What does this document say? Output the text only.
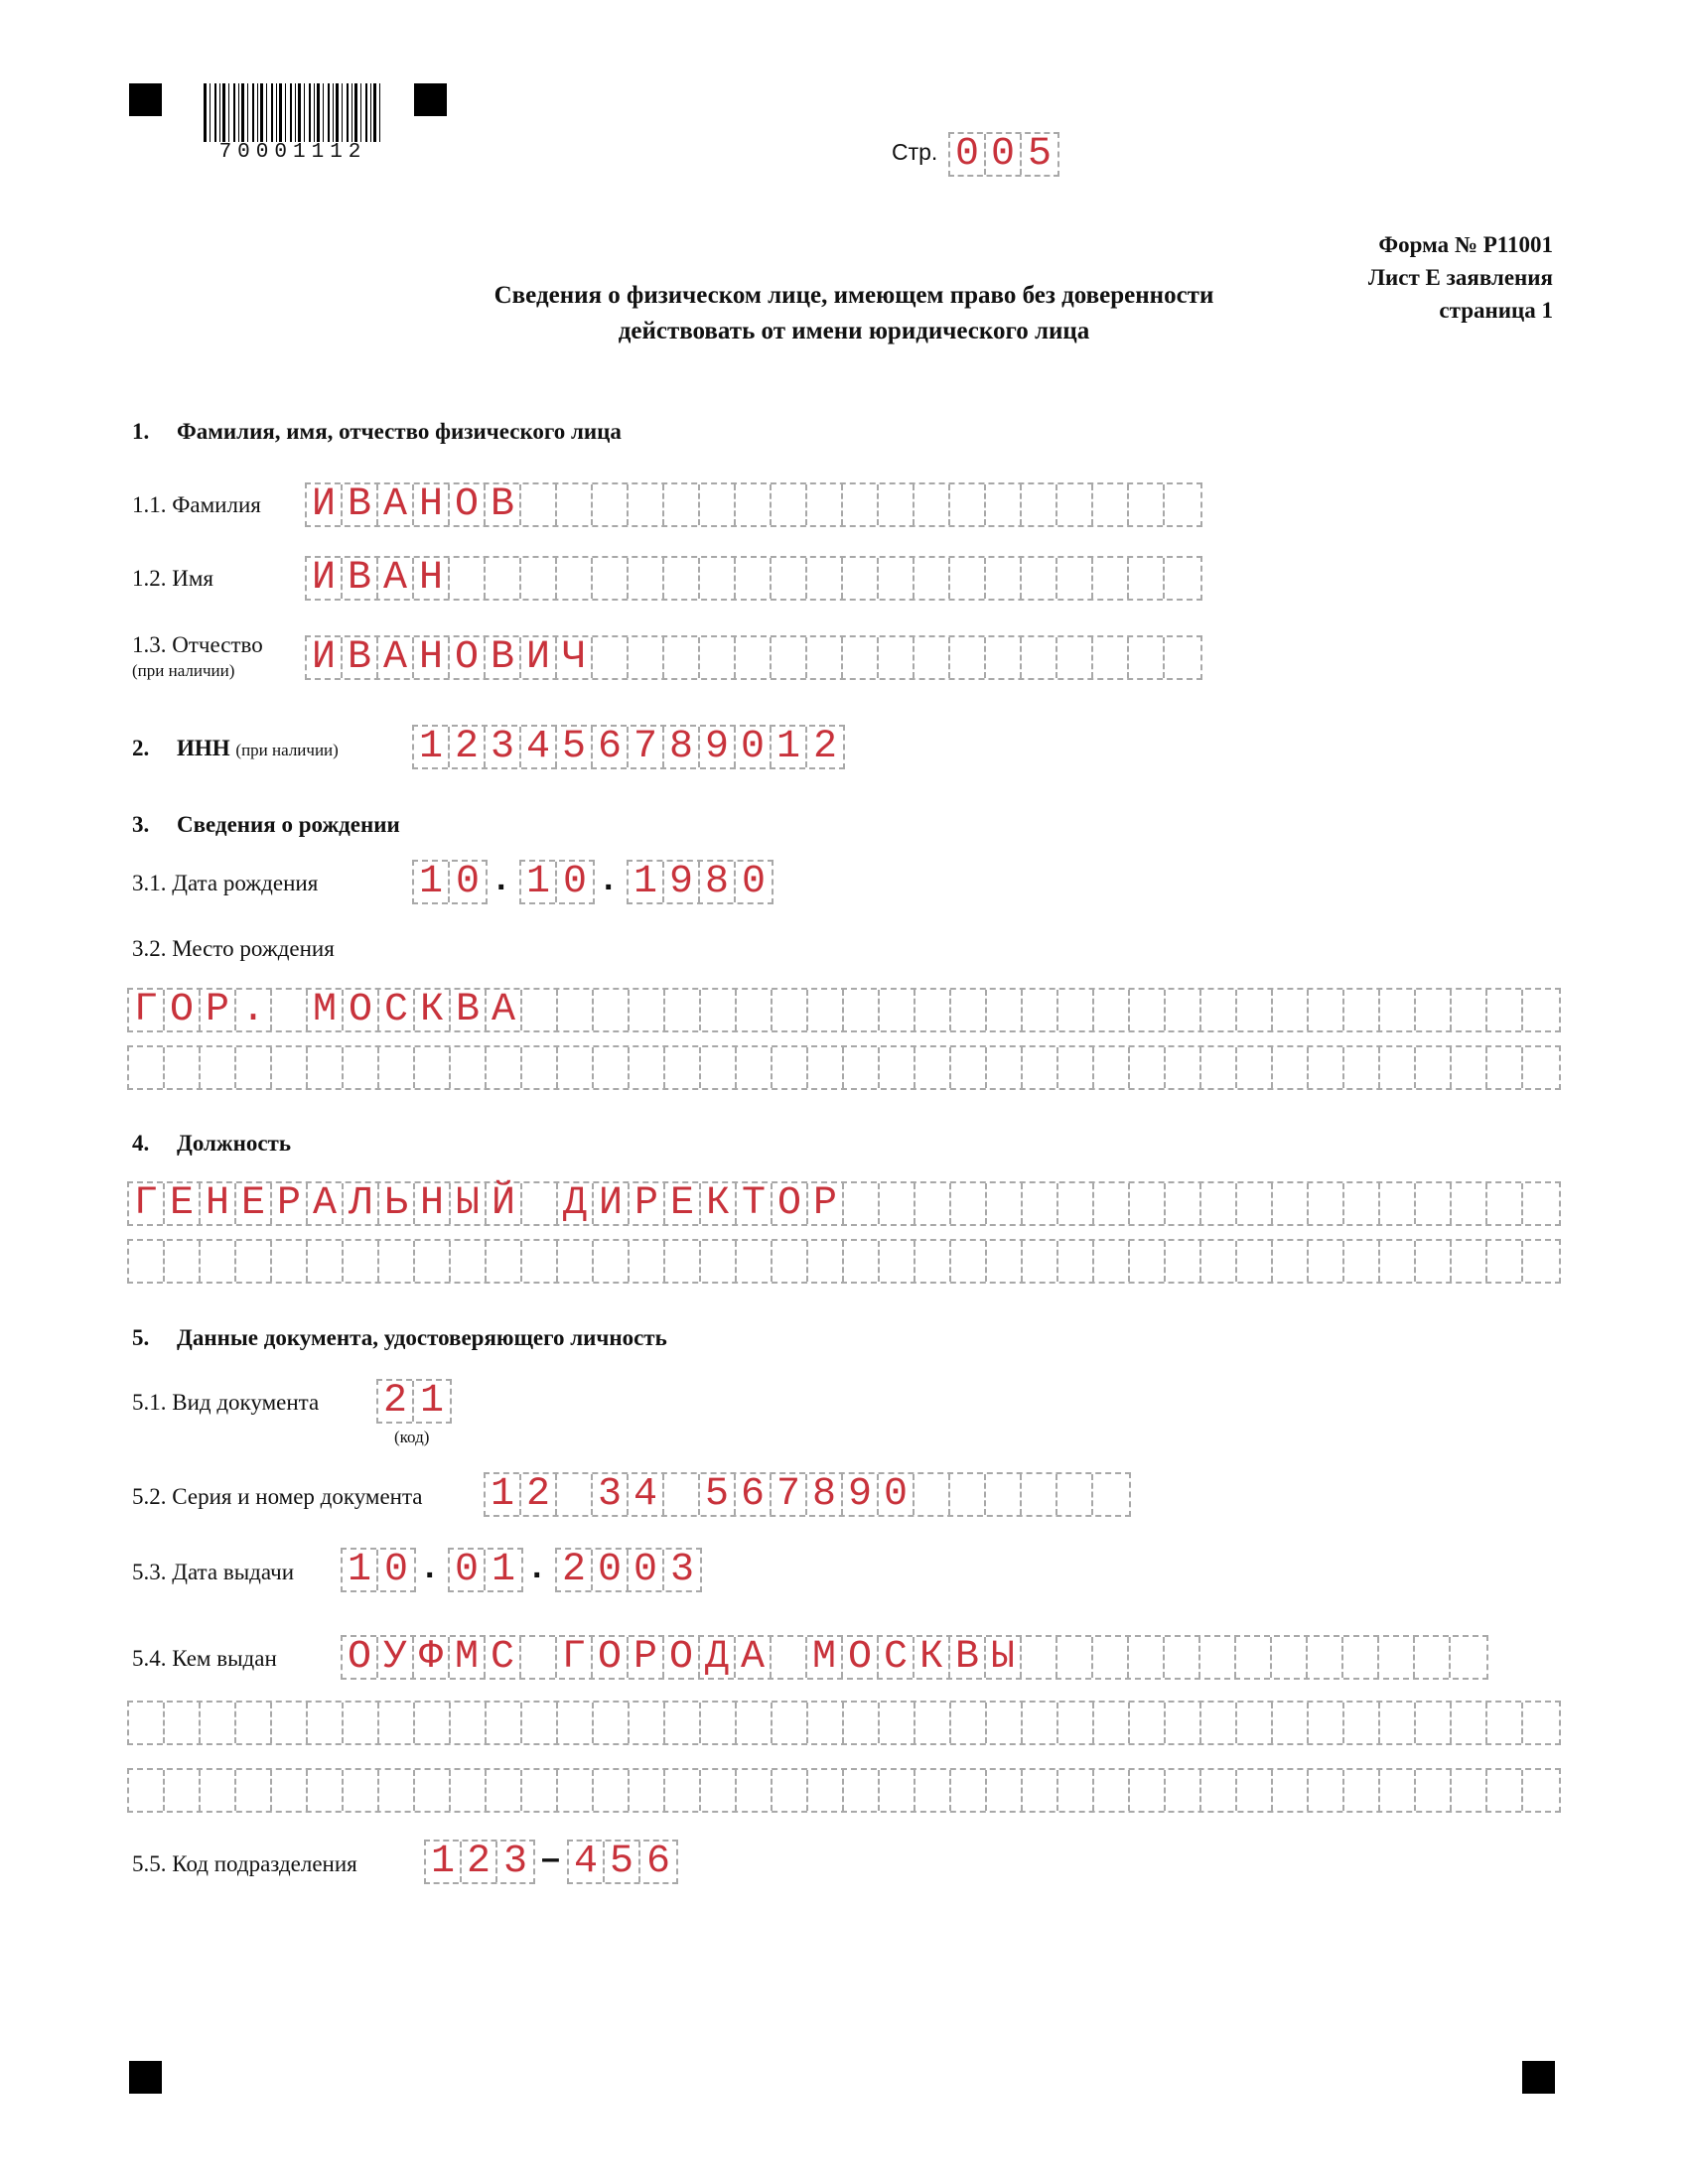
70001112	Стр. 0 0 5
Форма № Р11001
Лист Е заявления
страница 1
Сведения о физическом лице, имеющем право без доверенности
действовать от имени юридического лица
1. Фамилия, имя, отчество физического лица
1.1. Фамилия И В А Н О В
1.2. Имя И В А Н
1.3. Отчество
(при наличии)	И В А Н О В И Ч
2. ИНН (при наличии) 1 2 3 4 5 6 7 8 9 0 1 2
3. Сведения о рождении
3.1. Дата рождения	1 0 . 1 0 . 1 9 8 0
3.2. Место рождения
Г О Р . М О С К В А
4. Должность
Г Е Н Е Р А Л Ь Н Ы Й Д И Р Е К Т О Р
5. Данные документа, удостоверяющего личность
5.1. Вид документа 2 1
(код)
5.2. Серия и номер документа 1 2 3 4 5 6 7 8 9 0
5.3. Дата выдачи 1 0 . 0 1 . 2 0 0 3
5.4. Кем выдан О У Ф М С Г О Р О Д А М О С К В Ы
5.5. Код подразделения 1 2 3 – 4 5 6
